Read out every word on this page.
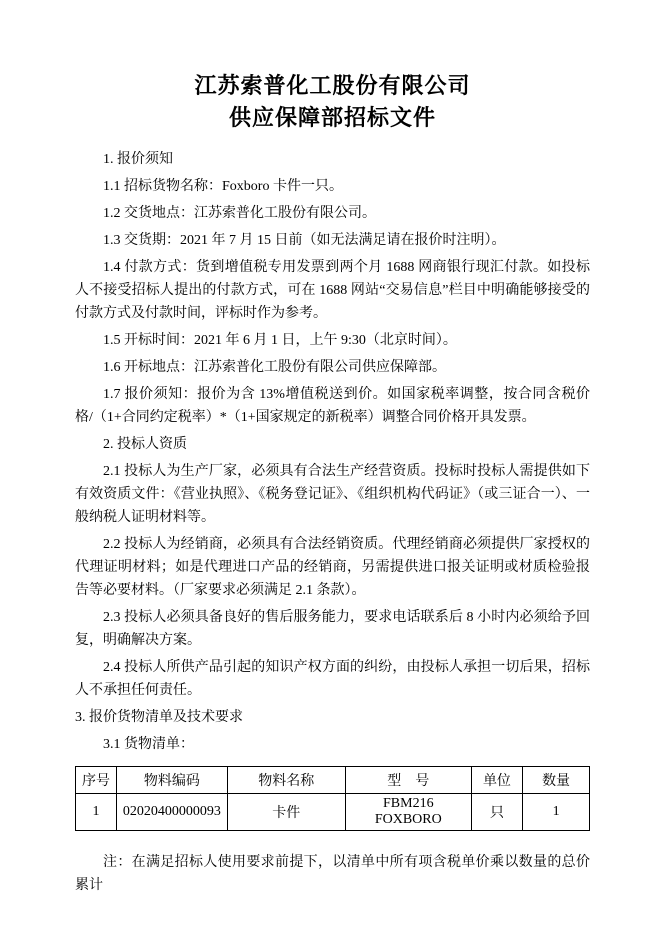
江苏索普化工股份有限公司
供应保障部招标文件

1. 报价须知

1.1 招标货物名称：Foxboro 卡件一只。

1.2 交货地点：江苏索普化工股份有限公司。

1.3 交货期：2021 年 7 月 15 日前（如无法满足请在报价时注明）。

1.4 付款方式：货到增值税专用发票到两个月 1688 网商银行现汇付款。如投标人不接受招标人提出的付款方式，可在 1688 网站“交易信息”栏目中明确能够接受的付款方式及付款时间，评标时作为参考。

1.5 开标时间：2021 年 6 月 1 日，上午 9:30（北京时间）。

1.6 开标地点：江苏索普化工股份有限公司供应保障部。

1.7 报价须知：报价为含 13%增值税送到价。如国家税率调整，按合同含税价格/（1+合同约定税率）*（1+国家规定的新税率）调整合同价格开具发票。

2. 投标人资质

2.1 投标人为生产厂家，必须具有合法生产经营资质。投标时投标人需提供如下有效资质文件：《营业执照》、《税务登记证》、《组织机构代码证》（或三证合一）、一般纳税人证明材料等。

2.2 投标人为经销商，必须具有合法经销资质。代理经销商必须提供厂家授权的代理证明材料；如是代理进口产品的经销商，另需提供进口报关证明或材质检验报告等必要材料。（厂家要求必须满足 2.1 条款）。

2.3 投标人必须具备良好的售后服务能力，要求电话联系后 8 小时内必须给予回复，明确解决方案。

2.4 投标人所供产品引起的知识产权方面的纠纷，由投标人承担一切后果，招标人不承担任何责任。

3. 报价货物清单及技术要求

3.1 货物清单：

序号	物料编码	物料名称	型    号	单位	数量
1	02020400000093	卡件	FBM216  FOXBORO	只	1

注：在满足招标人使用要求前提下，以清单中所有项含税单价乘以数量的总价累计
